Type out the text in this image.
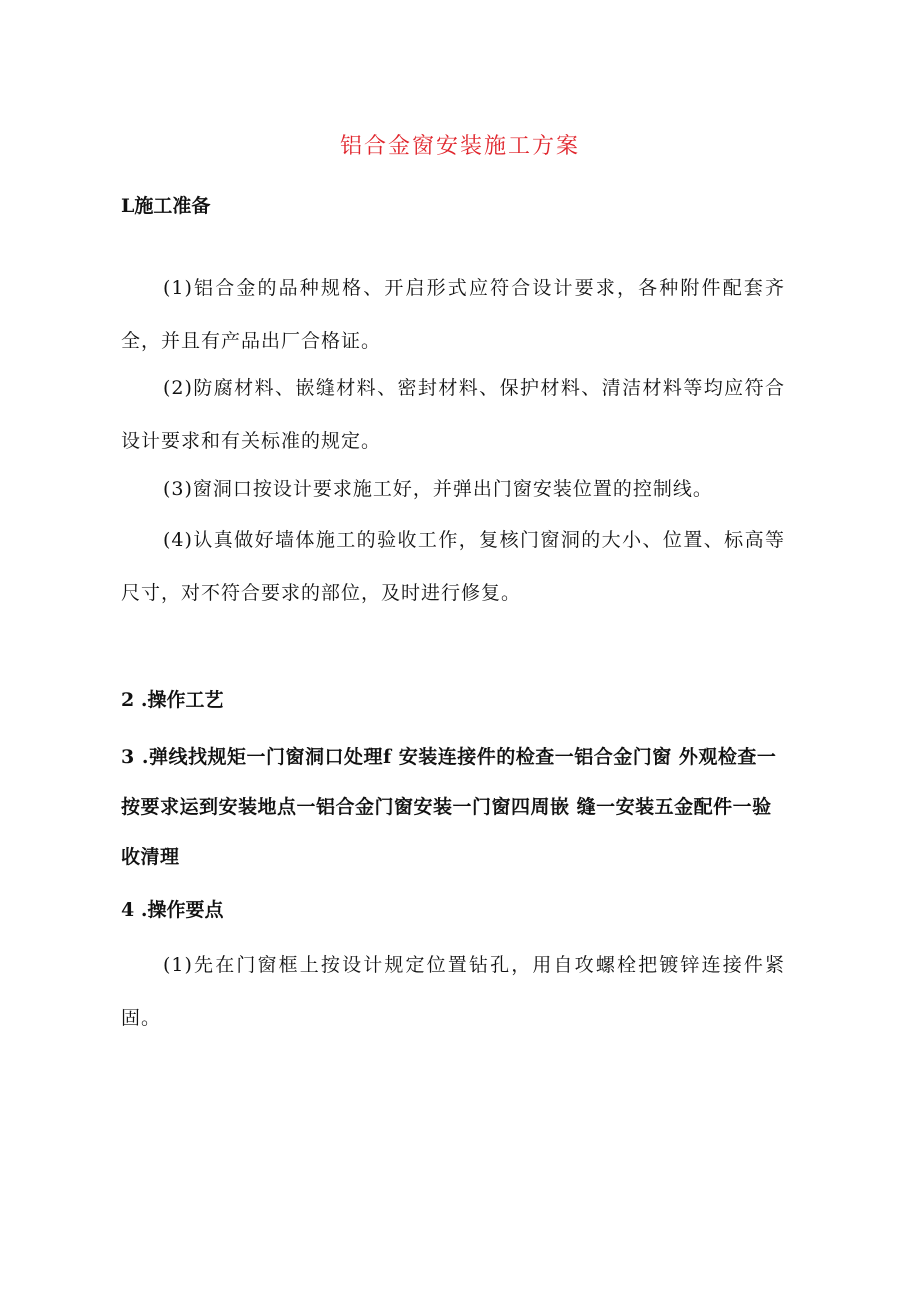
铝合金窗安装施工方案
L施工准备
(1)铝合金的品种规格、开启形式应符合设计要求，各种附件配套齐全，并且有产品出厂合格证。
(2)防腐材料、嵌缝材料、密封材料、保护材料、清洁材料等均应符合设计要求和有关标准的规定。
(3)窗洞口按设计要求施工好，并弹出门窗安装位置的控制线。
(4)认真做好墙体施工的验收工作，复核门窗洞的大小、位置、标高等尺寸，对不符合要求的部位，及时进行修复。
2 .操作工艺
3 .弹线找规矩一门窗洞口处理f 安装连接件的检查一铝合金门窗 外观检查一按要求运到安装地点一铝合金门窗安装一门窗四周嵌 缝一安装五金配件一验收清理
4 .操作要点
(1)先在门窗框上按设计规定位置钻孔，用自攻螺栓把镀锌连接件紧固。
